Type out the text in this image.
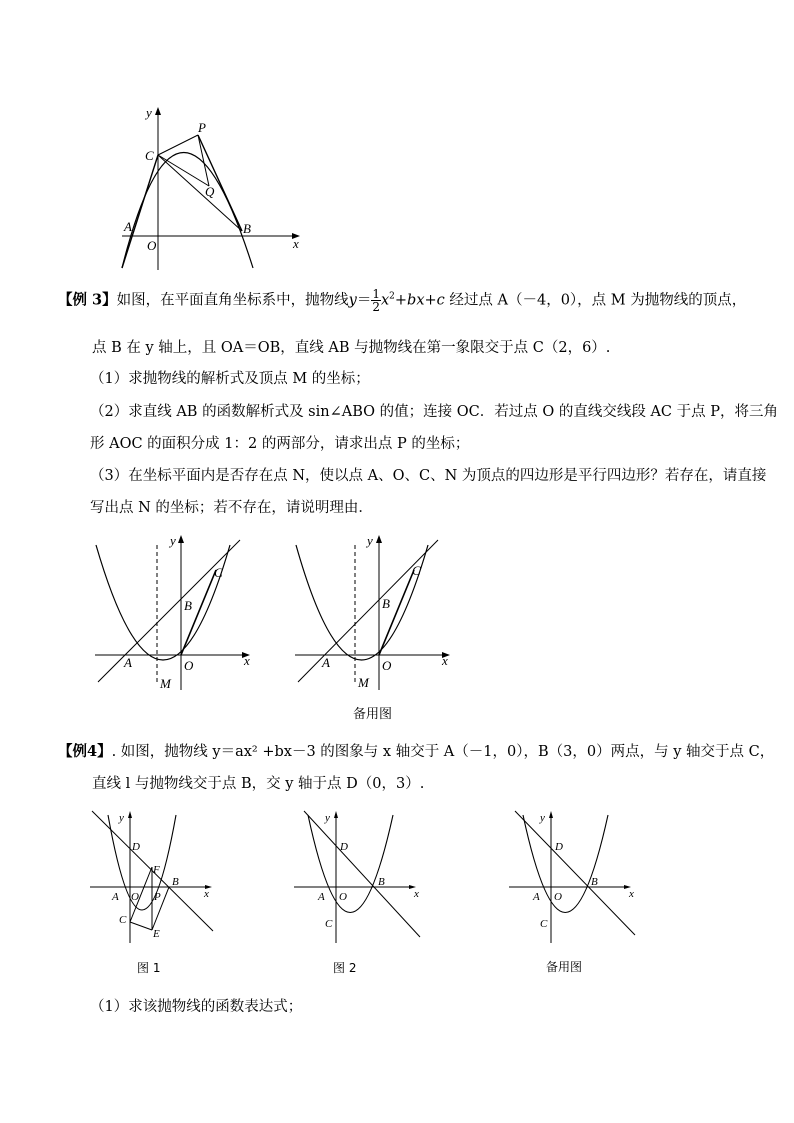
y
x
O
A	B
C
P
Q
【例 3】如图，在平面直角坐标系中，抛物线$y= \frac{1}{2} x^2+bx+c$ 经过点 A（－4，0），点 M 为抛物线的顶点，
点 B 在 y 轴上，且 OA＝OB，直线 AB 与抛物线在第一象限交于点 C（2，6）.
（1）求抛物线的解析式及顶点 M 的坐标；
（2）求直线 AB 的函数解析式及 sin∠ABO 的值；连接 OC．若过点 O 的直线交线段 AC 于点 P，将三角
形 AOC 的面积分成 1：2 的两部分，请求出点 P 的坐标；
（3）在坐标平面内是否存在点 N，使以点 A、O、C、N 为顶点的四边形是平行四边形？若存在，请直接
写出点 N 的坐标；若不存在，请说明理由．
y
x
O
A
B
C
M
y
x
O
A
B
C
M
备用图
【例4】. 如图，抛物线 y＝ax² +bx－3 的图象与 x 轴交于 A（－1，0），B（3，0）两点，与 y 轴交于点 C，
直线 l 与抛物线交于点 B，交 y 轴于点 D（0，3）.
y
x
O
A
B
C
D
E
F
P
图 1
y
x
O
A
B
C
D
图 2
y
x
O
A
B
C
D
备用图
（1）求该抛物线的函数表达式；
